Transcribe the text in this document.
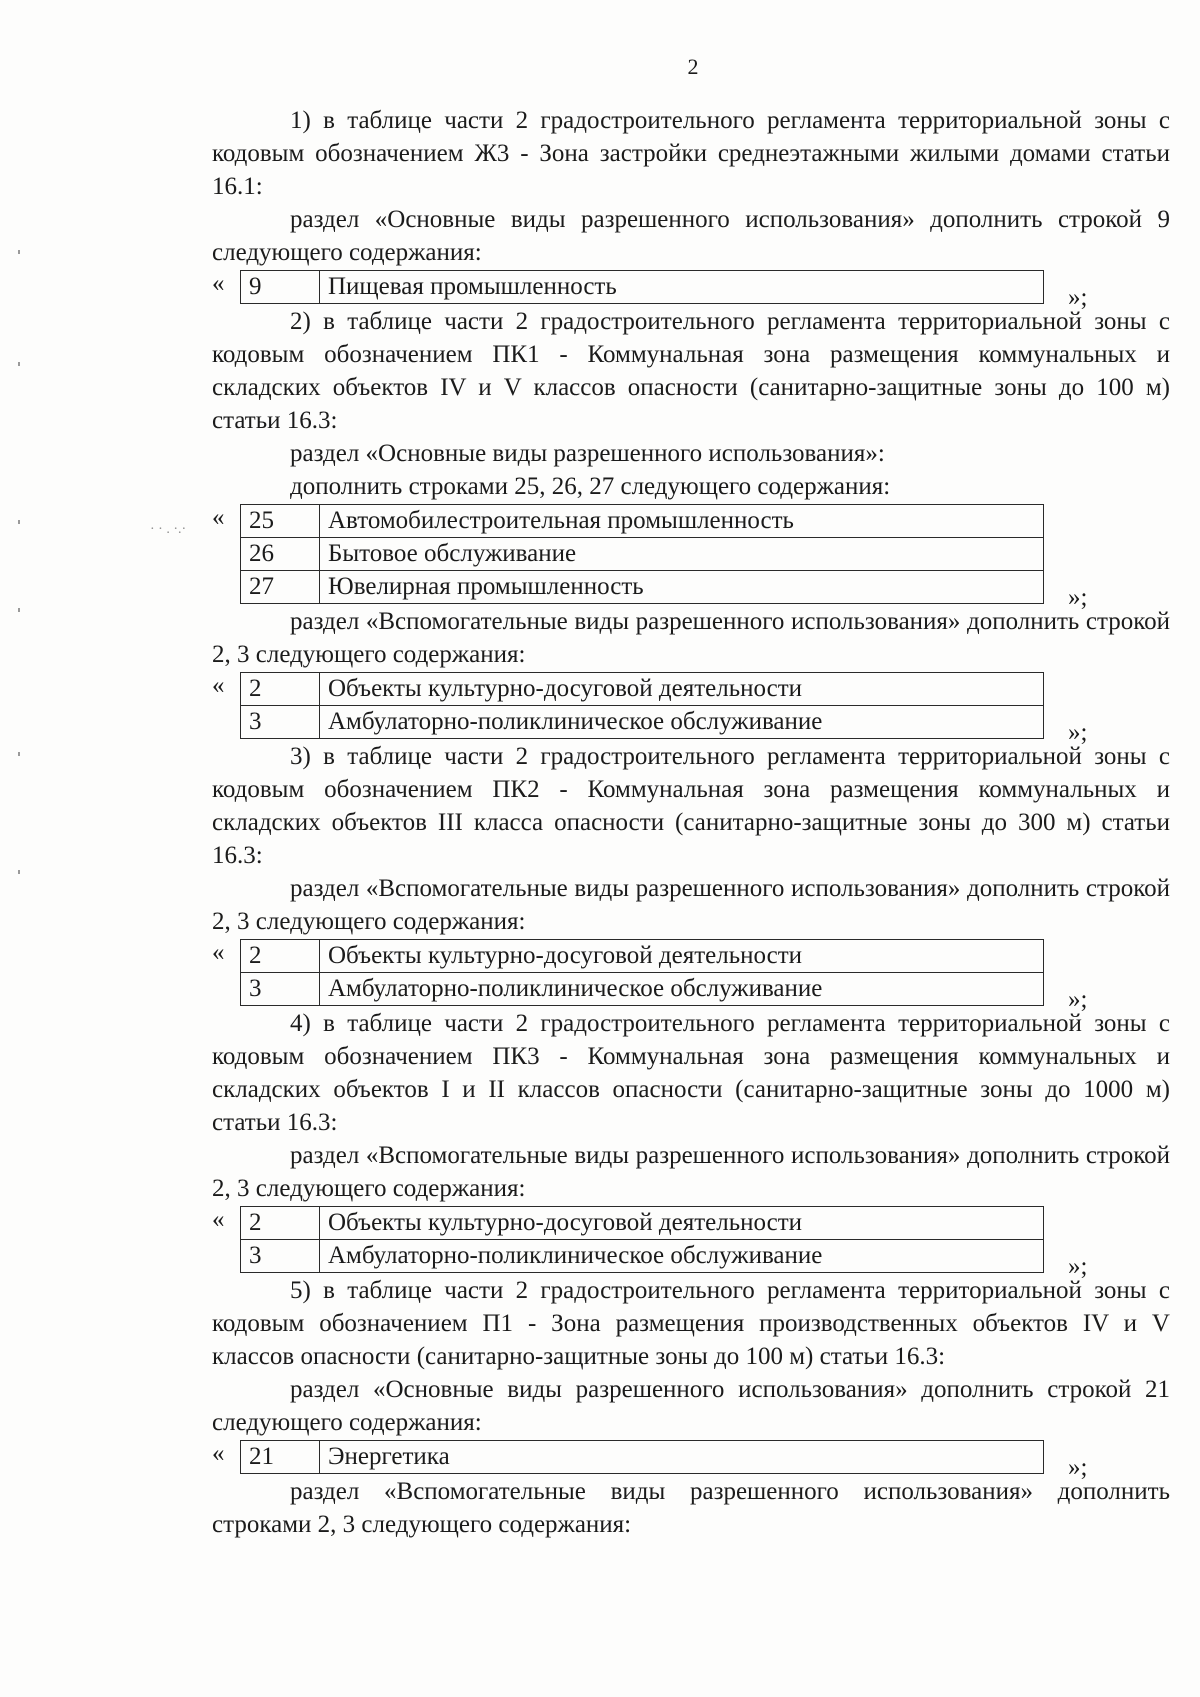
2
· · . ·.·

1) в таблице части 2 градостроительного регламента территориальной зоны с кодовым обозначением Ж3 - Зона застройки среднеэтажными жилыми домами статьи 16.1:

раздел «Основные виды разрешенного использования» дополнить строкой 9 следующего содержания:

« 9	Пищевая промышленность	»;

2) в таблице части 2 градостроительного регламента территориальной зоны с кодовым обозначением ПК1 - Коммунальная зона размещения коммунальных и складских объектов IV и V классов опасности (санитарно-защитные зоны до 100 м) статьи 16.3:

раздел «Основные виды разрешенного использования»:

дополнить строками 25, 26, 27 следующего содержания:

« 25	Автомобилестроительная промышленность
26	Бытовое обслуживание
27	Ювелирная промышленность	»;

раздел «Вспомогательные виды разрешенного использования» дополнить строкой 2, 3 следующего содержания:

« 2	Объекты культурно-досуговой деятельности
3	Амбулаторно-поликлиническое обслуживание	»;

3) в таблице части 2 градостроительного регламента территориальной зоны с кодовым обозначением ПК2 - Коммунальная зона размещения коммунальных и складских объектов III класса опасности (санитарно-защитные зоны до 300 м) статьи 16.3:

раздел «Вспомогательные виды разрешенного использования» дополнить строкой 2, 3 следующего содержания:

« 2	Объекты культурно-досуговой деятельности
3	Амбулаторно-поликлиническое обслуживание	»;

4) в таблице части 2 градостроительного регламента территориальной зоны с кодовым обозначением ПК3 - Коммунальная зона размещения коммунальных и складских объектов I и II классов опасности (санитарно-защитные зоны до 1000 м) статьи 16.3:

раздел «Вспомогательные виды разрешенного использования» дополнить строкой 2, 3 следующего содержания:

« 2	Объекты культурно-досуговой деятельности
3	Амбулаторно-поликлиническое обслуживание	»;

5) в таблице части 2 градостроительного регламента территориальной зоны с кодовым обозначением П1 - Зона размещения производственных объектов IV и V классов опасности (санитарно-защитные зоны до 100 м) статьи 16.3:

раздел «Основные виды разрешенного использования» дополнить строкой 21 следующего содержания:

« 21	Энергетика	»;

раздел «Вспомогательные виды разрешенного использования» дополнить строками 2, 3 следующего содержания:
